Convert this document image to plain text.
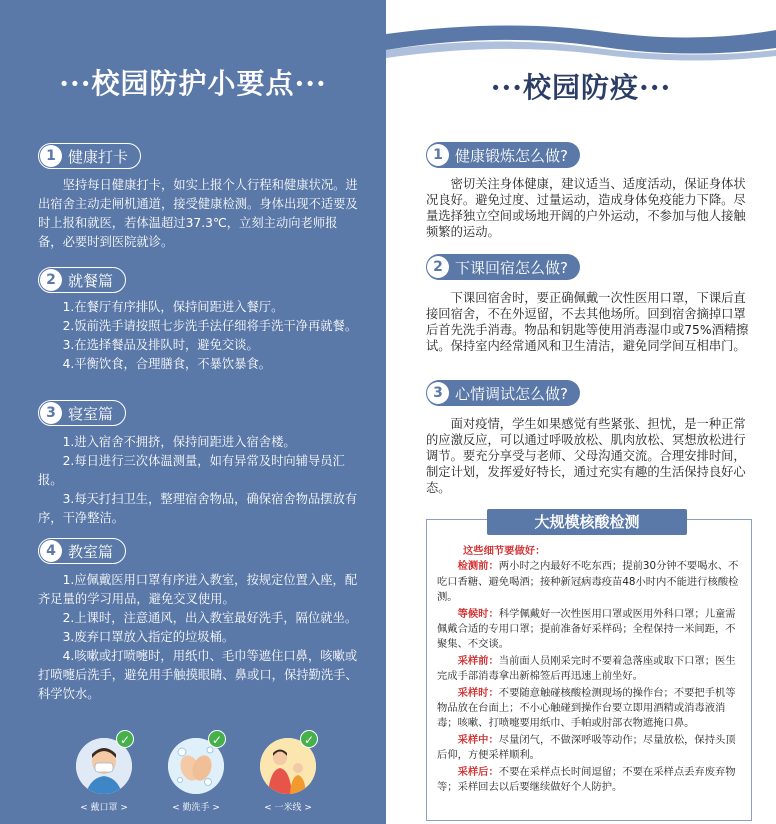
···校园防护小要点···
1 健康打卡

坚持每日健康打卡，如实上报个人行程和健康状况。进出宿舍主动走闸机通道，接受健康检测。身体出现不适要及时上报和就医，若体温超过37.3℃，立刻主动向老师报备，必要时到医院就诊。

2 就餐篇

1.在餐厅有序排队，保持间距进入餐厅。

2.饭前洗手请按照七步洗手法仔细将手洗干净再就餐。

3.在选择餐品及排队时，避免交谈。

4.平衡饮食，合理膳食，不暴饮暴食。

3 寝室篇

1.进入宿舍不拥挤，保持间距进入宿舍楼。

2.每日进行三次体温测量，如有异常及时向辅导员汇报。

3.每天打扫卫生，整理宿舍物品，确保宿舍物品摆放有序，干净整洁。

4 教室篇

1.应佩戴医用口罩有序进入教室，按规定位置入座，配齐足量的学习用品，避免交叉使用。

2.上课时，注意通风，出入教室最好洗手，隔位就坐。

3.废弃口罩放入指定的垃圾桶。

4.咳嗽或打喷嚏时，用纸巾、毛巾等遮住口鼻，咳嗽或打喷嚏后洗手，避免用手触摸眼睛、鼻或口，保持勤洗手、科学饮水。

✓
< 戴口罩 >
✓
< 勤洗手 >
✓
< 一米线 >
···校园防疫···
1 健康锻炼怎么做?

密切关注身体健康，建议适当、适度活动，保证身体状况良好。避免过度、过量运动，造成身体免疫能力下降。尽量选择独立空间或场地开阔的户外运动，不参加与他人接触频繁的运动。

2 下课回宿怎么做?

下课回宿舍时，要正确佩戴一次性医用口罩，下课后直接回宿舍，不在外逗留，不去其他场所。回到宿舍摘掉口罩后首先洗手消毒。物品和钥匙等使用消毒湿巾或75%酒精擦试。保持室内经常通风和卫生清洁，避免同学间互相串门。

3 心情调试怎么做?

面对疫情，学生如果感觉有些紧张、担忧，是一种正常的应激反应，可以通过呼吸放松、肌肉放松、冥想放松进行调节。要充分享受与老师、父母沟通交流。合理安排时间，制定计划，发挥爱好特长，通过充实有趣的生活保持良好心态。

大规模核酸检测
这些细节要做好：

检测前：两小时之内最好不吃东西；提前30分钟不要喝水、不吃口香糖、避免喝酒；接种新冠病毒疫苗48小时内不能进行核酸检测。

等候时：科学佩戴好一次性医用口罩或医用外科口罩；儿童需佩戴合适的专用口罩；提前准备好采样码；全程保持一米间距，不聚集、不交谈。

采样前：当前面人员刚采完时不要着急落座或取下口罩；医生完成手部消毒拿出新棉签后再迅速上前坐好。

采样时：不要随意触碰核酸检测现场的操作台；不要把手机等物品放在台面上；不小心触碰到操作台要立即用酒精或消毒液消毒；咳嗽、打喷嚏要用纸巾、手帕或肘部衣物遮掩口鼻。

采样中：尽量闭气，不做深呼吸等动作；尽量放松，保持头顶后仰，方便采样顺利。

采样后：不要在采样点长时间逗留；不要在采样点丢弃废弃物等；采样回去以后要继续做好个人防护。
